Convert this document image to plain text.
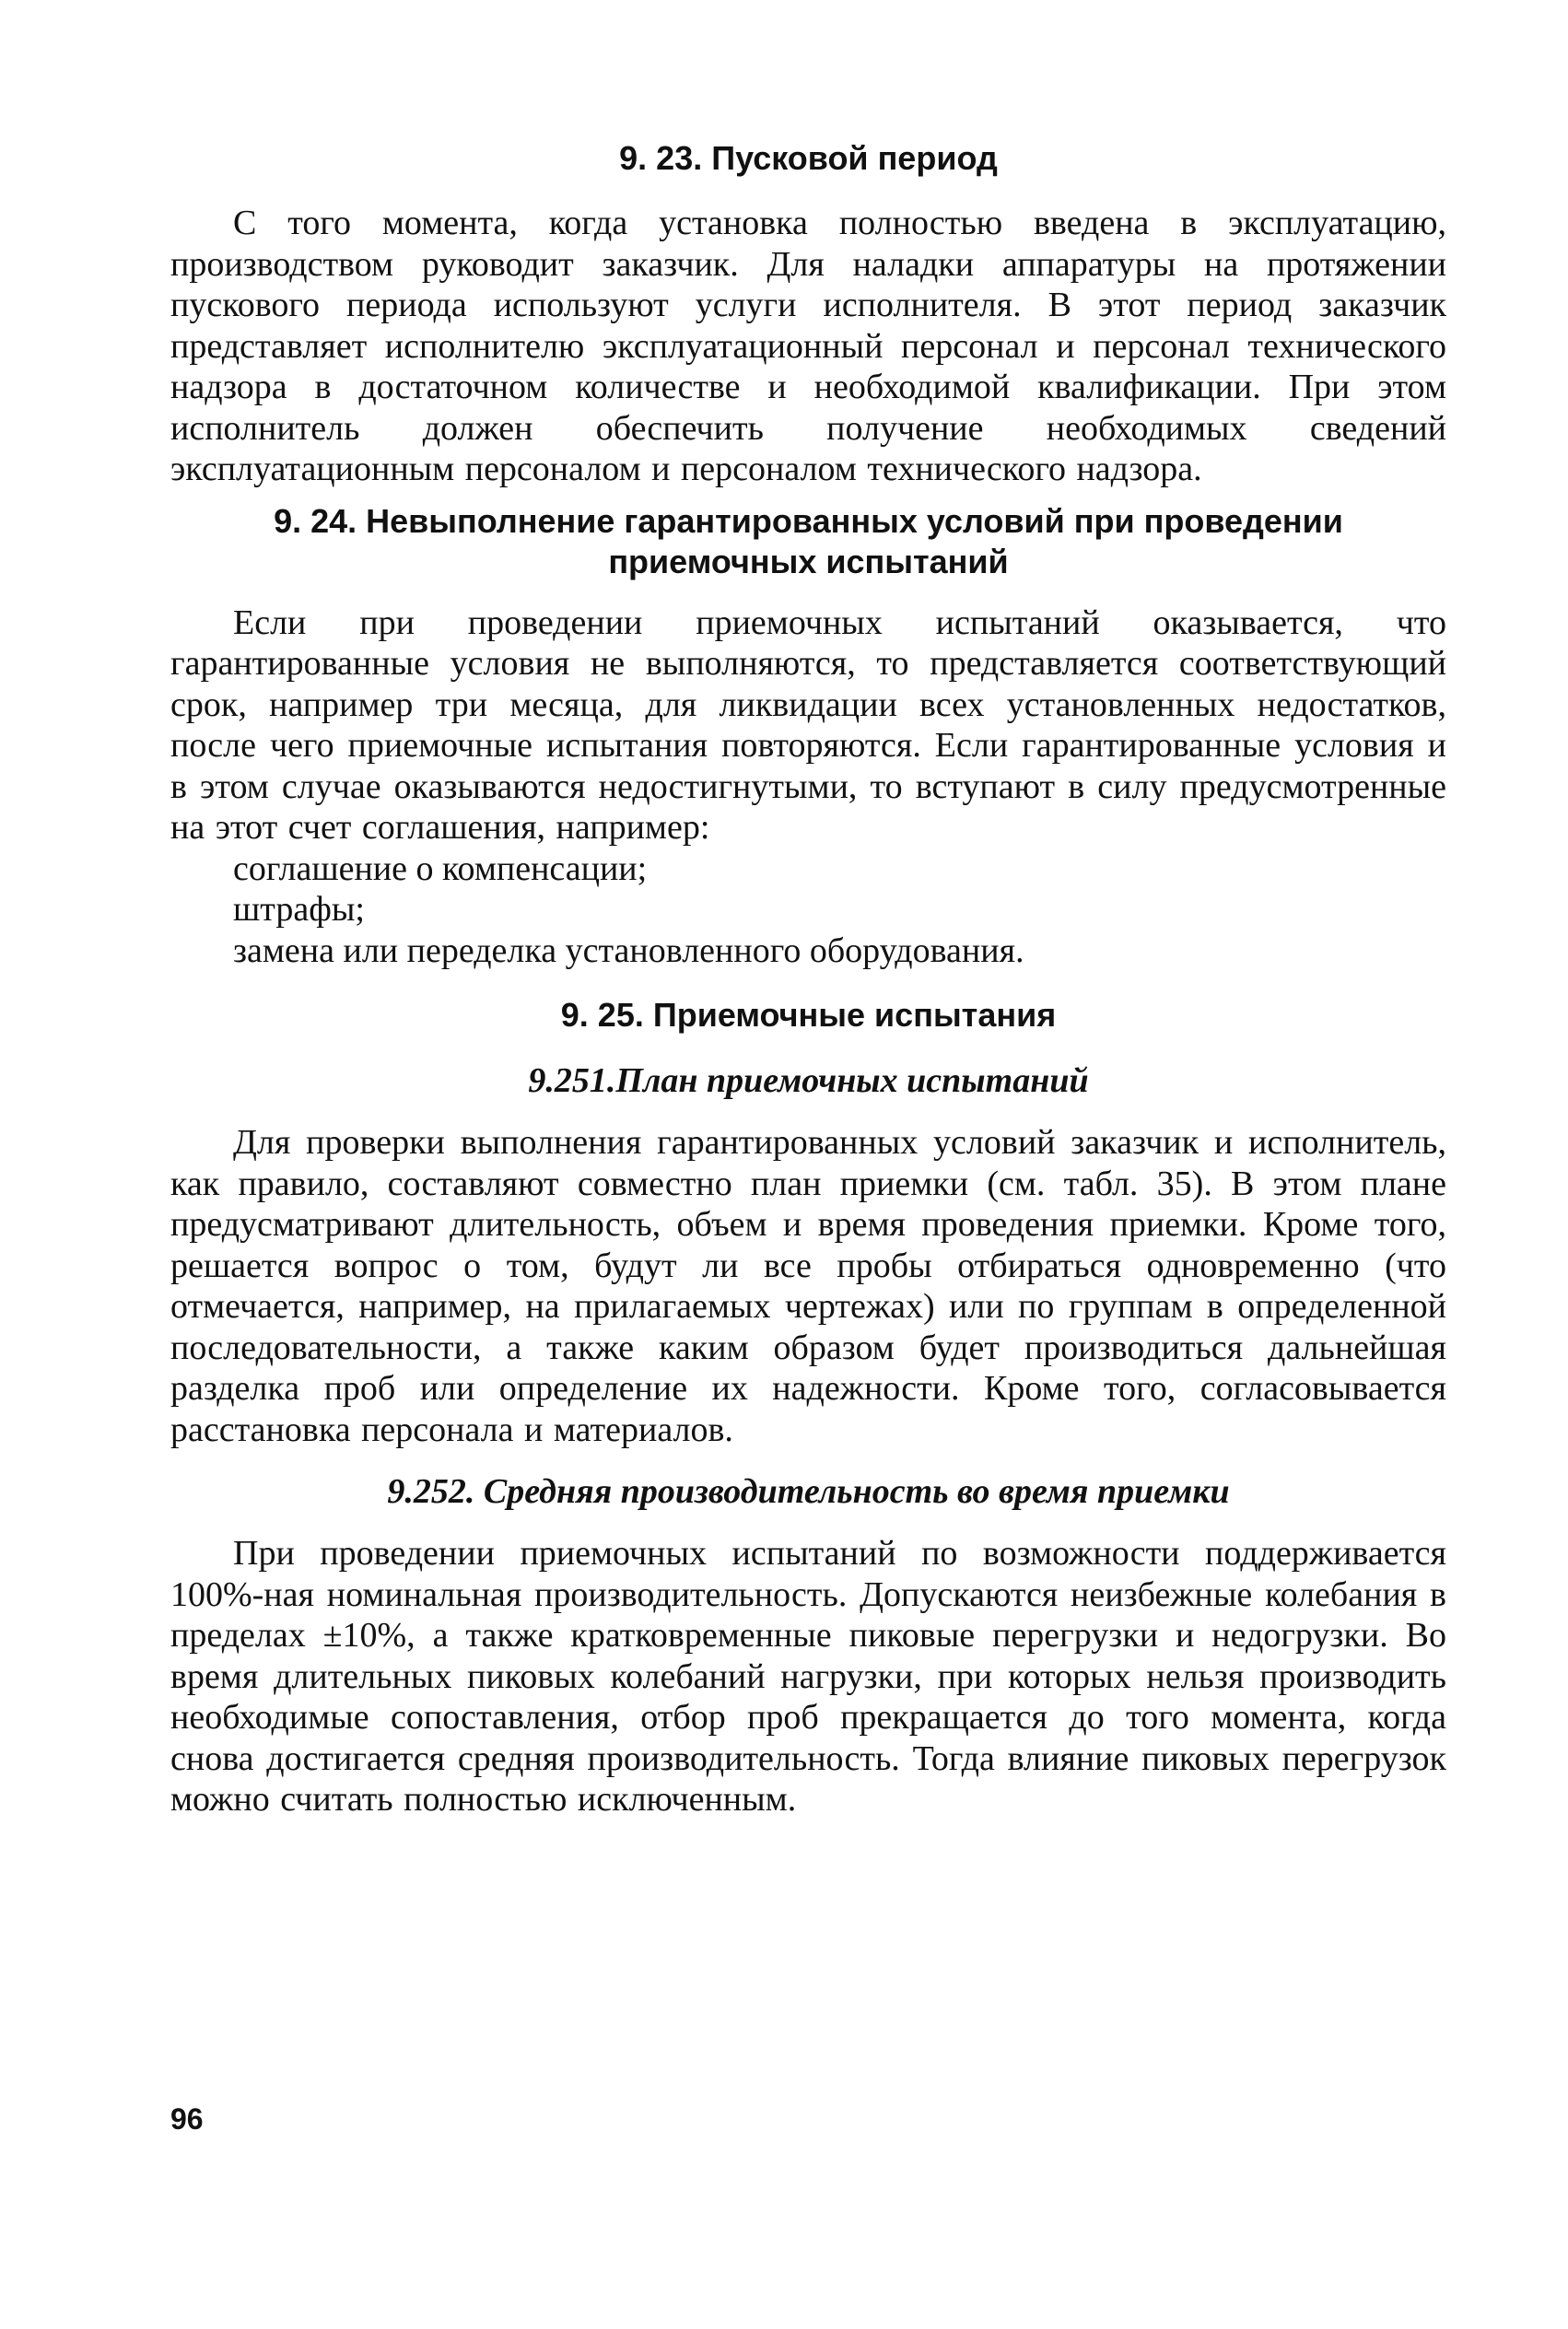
9. 23. Пусковой период

С того момента, когда установка полностью введена в эксплуатацию, производством руководит заказчик. Для наладки аппаратуры на протяжении пускового периода используют услуги исполнителя. В этот период заказчик представляет исполнителю эксплуатационный персонал и персонал технического надзора в достаточном количестве и необходимой квалификации. При этом исполнитель должен обеспечить получение необходимых сведений эксплуатационным персоналом и персоналом технического надзора.

9. 24. Невыполнение гарантированных условий при проведении
приемочных испытаний

Если при проведении приемочных испытаний оказывается, что гарантированные условия не выполняются, то представляется соответствующий срок, например три месяца, для ликвидации всех установленных недостатков, после чего приемочные испытания повторяются. Если гарантированные условия и в этом случае оказываются недостигнутыми, то вступают в силу предусмотренные на этот счет соглашения, например:

соглашение о компенсации;
штрафы;
замена или переделка установленного оборудования.
9. 25. Приемочные испытания
9.251.План приемочных испытаний

Для проверки выполнения гарантированных условий заказчик и исполнитель, как правило, составляют совместно план приемки (см. табл. 35). В этом плане предусматривают длительность, объем и время проведения приемки. Кроме того, решается вопрос о том, будут ли все пробы отбираться одновременно (что отмечается, например, на прилагаемых чертежах) или по группам в определенной последовательности, а также каким образом будет производиться дальнейшая разделка проб или определение их надежности. Кроме того, согласовывается расстановка персонала и материалов.

9.252. Средняя производительность во время приемки

При проведении приемочных испытаний по возможности поддерживается 100%-ная номинальная производительность. Допускаются неизбежные колебания в пределах ±10%, а также кратковременные пиковые перегрузки и недогрузки. Во время длительных пиковых колебаний нагрузки, при которых нельзя производить необходимые сопоставления, отбор проб прекращается до того момента, когда снова достигается средняя производительность. Тогда влияние пиковых перегрузок можно считать полностью исключенным.

96
